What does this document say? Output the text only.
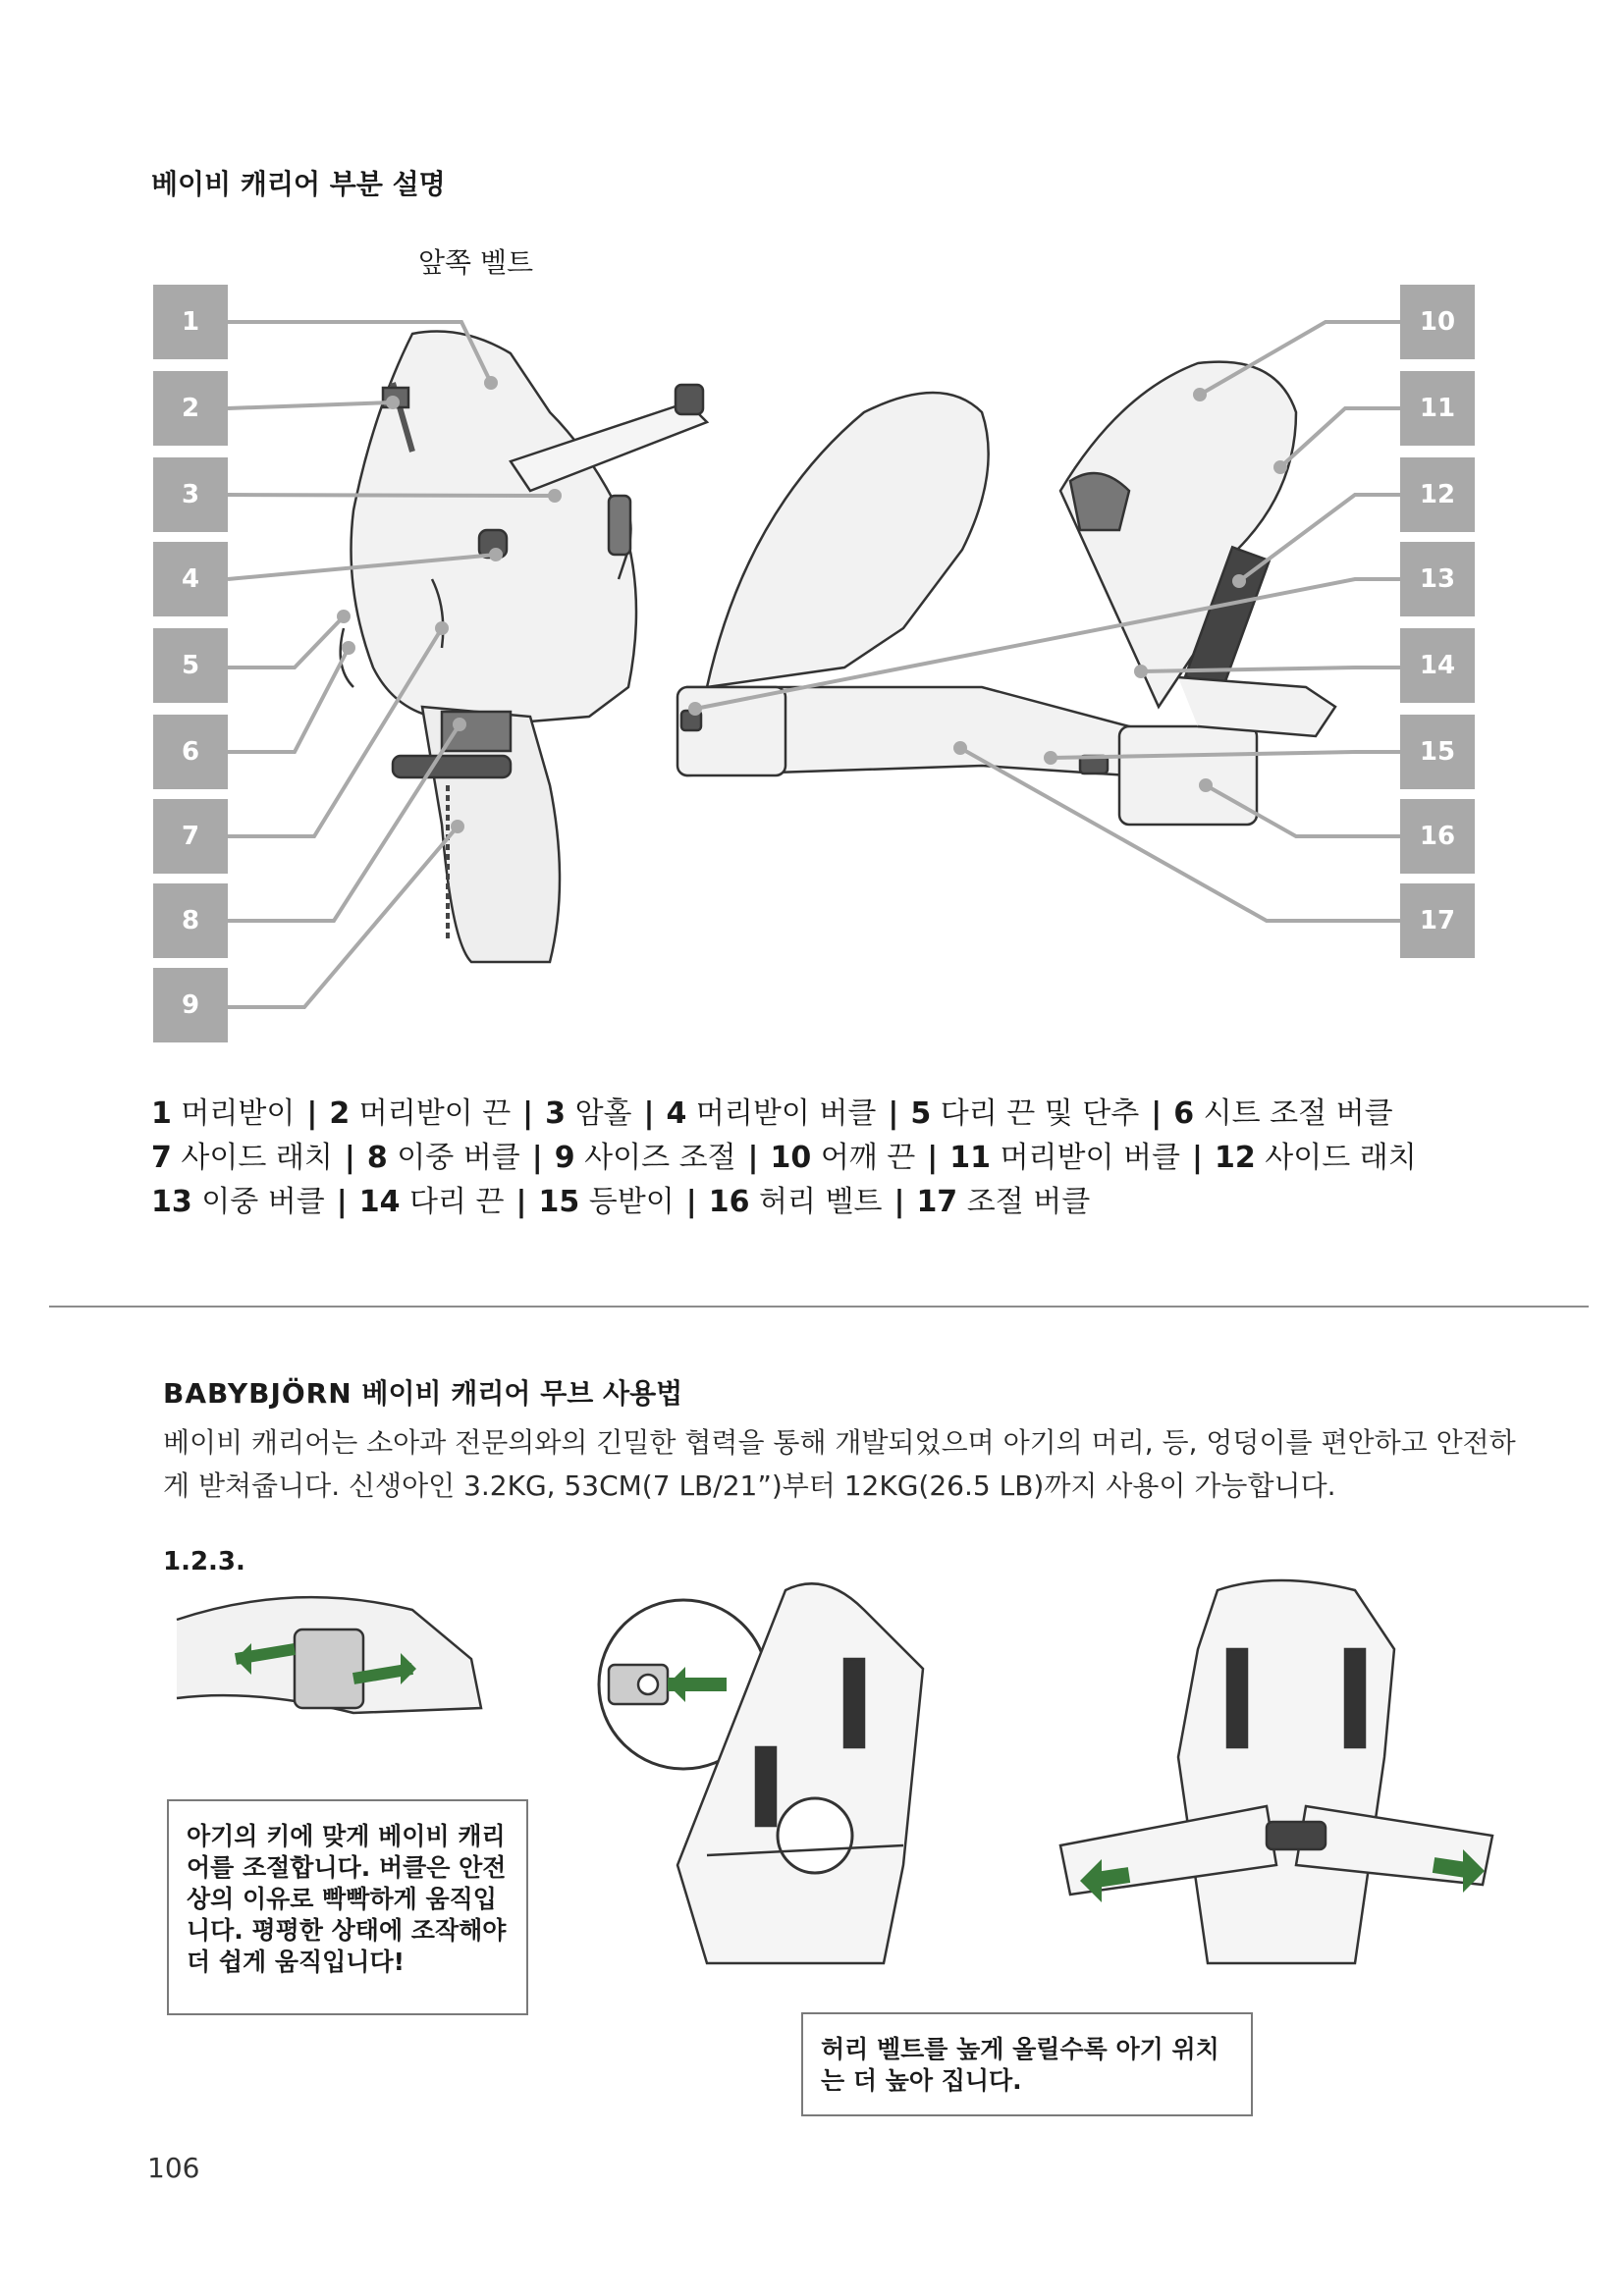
베이비 캐리어 부분 설명
앞쪽 벨트
1
2
3
4
5
6
7
8
9
10
11
12
13
14
15
16
17
1 머리받이 | 2 머리받이 끈 | 3 암홀 | 4 머리받이 버클 | 5 다리 끈 및 단추 | 6 시트 조절 버클
7 사이드 래치 | 8 이중 버클 | 9 사이즈 조절 | 10 어깨 끈 | 11 머리받이 버클 | 12 사이드 래치
13 이중 버클 | 14 다리 끈 | 15 등받이 | 16 허리 벨트 | 17 조절 버클
BABYBJÖRN 베이비 캐리어 무브 사용법
베이비 캐리어는 소아과 전문의와의 긴밀한 협력을 통해 개발되었으며 아기의 머리, 등, 엉덩이를 편안하고 안전하게 받쳐줍니다. 신생아인 3.2KG, 53CM(7 LB/21”)부터 12KG(26.5 LB)까지 사용이 가능합니다.
1.2.3.
아기의 키에 맞게 베이비 캐리어를 조절합니다. 버클은 안전상의 이유로 빡빡하게 움직입니다. 평평한 상태에 조작해야 더 쉽게 움직입니다!
허리 벨트를 높게 올릴수록 아기 위치는 더 높아 집니다.
106
